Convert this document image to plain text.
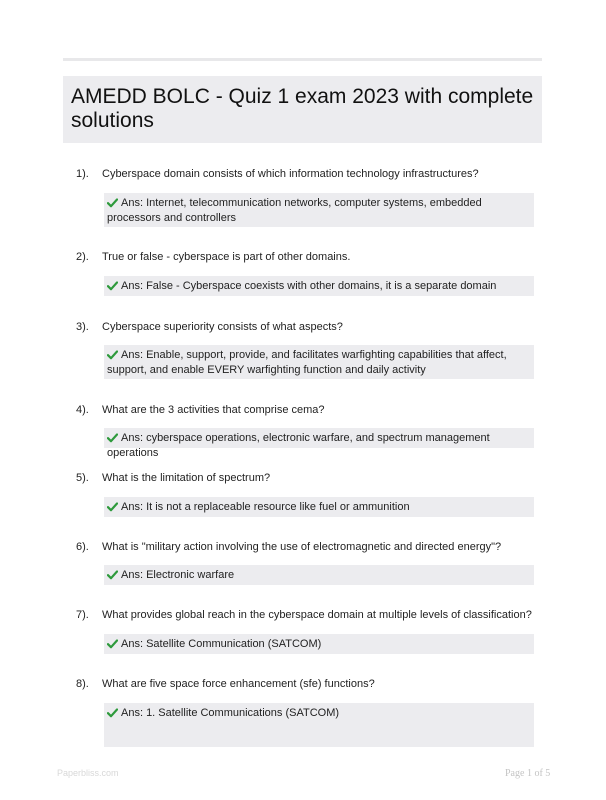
AMEDD BOLC - Quiz 1 exam 2023 with complete solutions
1). Cyberspace domain consists of which information technology infrastructures?
Ans: Internet, telecommunication networks, computer systems, embedded processors and controllers
2). True or false - cyberspace is part of other domains.
Ans: False - Cyberspace coexists with other domains, it is a separate domain
3). Cyberspace superiority consists of what aspects?
Ans: Enable, support, provide, and facilitates warfighting capabilities that affect, support, and enable EVERY warfighting function and daily activity
4). What are the 3 activities that comprise cema?
Ans: cyberspace operations, electronic warfare, and spectrum management operations
5). What is the limitation of spectrum?
Ans: It is not a replaceable resource like fuel or ammunition
6). What is "military action involving the use of electromagnetic and directed energy"?
Ans: Electronic warfare
7). What provides global reach in the cyberspace domain at multiple levels of classification?
Ans: Satellite Communication (SATCOM)
8). What are five space force enhancement (sfe) functions?
Ans: 1. Satellite Communications (SATCOM)
Paperbliss.com	Page 1 of 5
